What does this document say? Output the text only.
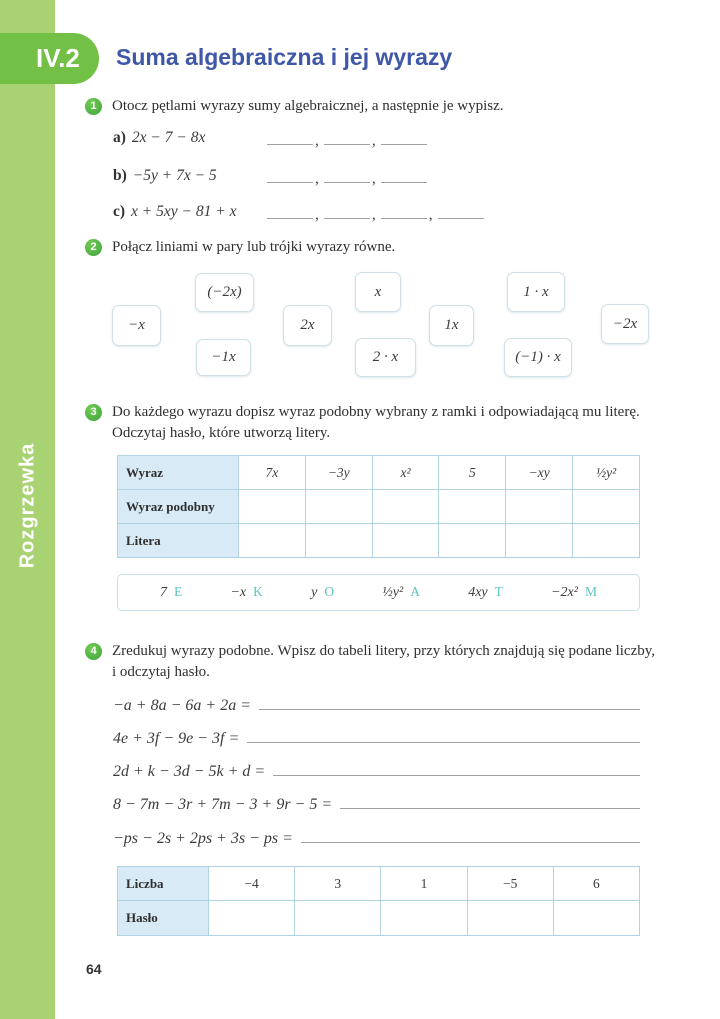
Rozgrzewka
IV.2 Suma algebraiczna i jej wyrazy
1	Otocz pętlami wyrazy sumy algebraicznej, a następnie je wypisz.
a) 2x − 7 − 8x	,	,
b) −5y + 7x − 5	,	,
c) x + 5xy − 81 + x	,	,	,
2	Połącz liniami w pary lub trójki wyrazy równe.
(−2x)	x	1 · x
−x	2x	1x	−2x
−1x	2 · x	(−1) · x
3	Do każdego wyrazu dopisz wyraz podobny wybrany z ramki i odpowiadającą mu literę. Odczytaj hasło, które utworzą litery.
Wyraz	7x	−3y	x²	5	−xy	½y²
Wyraz podobny						
Litera						
7 E	−x K	y O	½y² A	4xy T	−2x² M
4	Zredukuj wyrazy podobne. Wpisz do tabeli litery, przy których znajdują się podane liczby, i odczytaj hasło.
−a + 8a − 6a + 2a =
4e + 3f − 9e − 3f =
2d + k − 3d − 5k + d =
8 − 7m − 3r + 7m − 3 + 9r − 5 =
−ps − 2s + 2ps + 3s − ps =
Liczba	−4	3	1	−5	6
Hasło					
64
